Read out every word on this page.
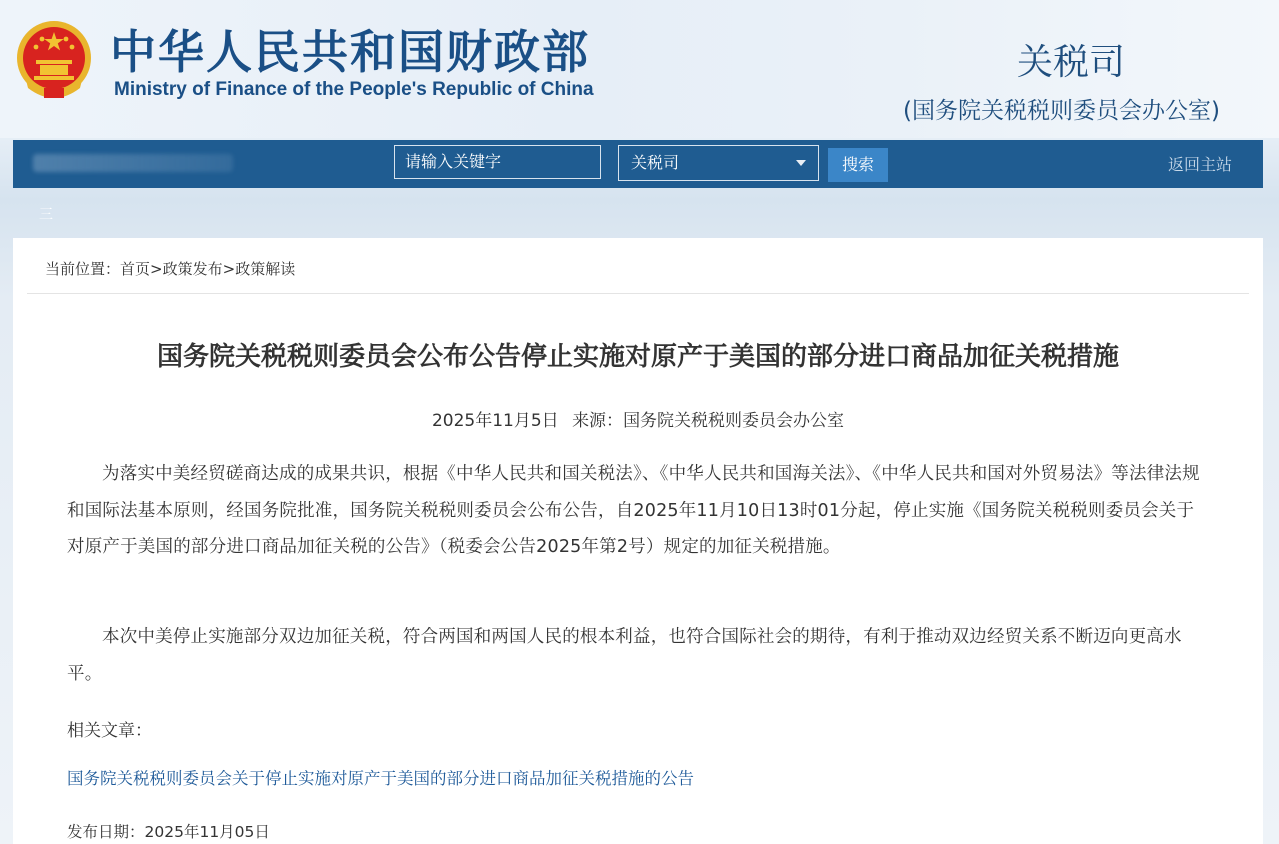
中华人民共和国财政部
Ministry of Finance of the People's Republic of China
关税司
(国务院关税税则委员会办公室)
请输入关键字	关税司	搜索	返回主站
三
当前位置：首页>政策发布>政策解读
国务院关税税则委员会公布公告停止实施对原产于美国的部分进口商品加征关税措施
2025年11月5日 来源：国务院关税税则委员会办公室
为落实中美经贸磋商达成的成果共识，根据《中华人民共和国关税法》、《中华人民共和国海关法》、《中华人民共和国对外贸易法》等法律法规和国际法基本原则，经国务院批准，国务院关税税则委员会公布公告，自2025年11月10日13时01分起，停止实施《国务院关税税则委员会关于对原产于美国的部分进口商品加征关税的公告》（税委会公告2025年第2号）规定的加征关税措施。
本次中美停止实施部分双边加征关税，符合两国和两国人民的根本利益，也符合国际社会的期待，有利于推动双边经贸关系不断迈向更高水平。
相关文章：
国务院关税税则委员会关于停止实施对原产于美国的部分进口商品加征关税措施的公告
发布日期：2025年11月05日
